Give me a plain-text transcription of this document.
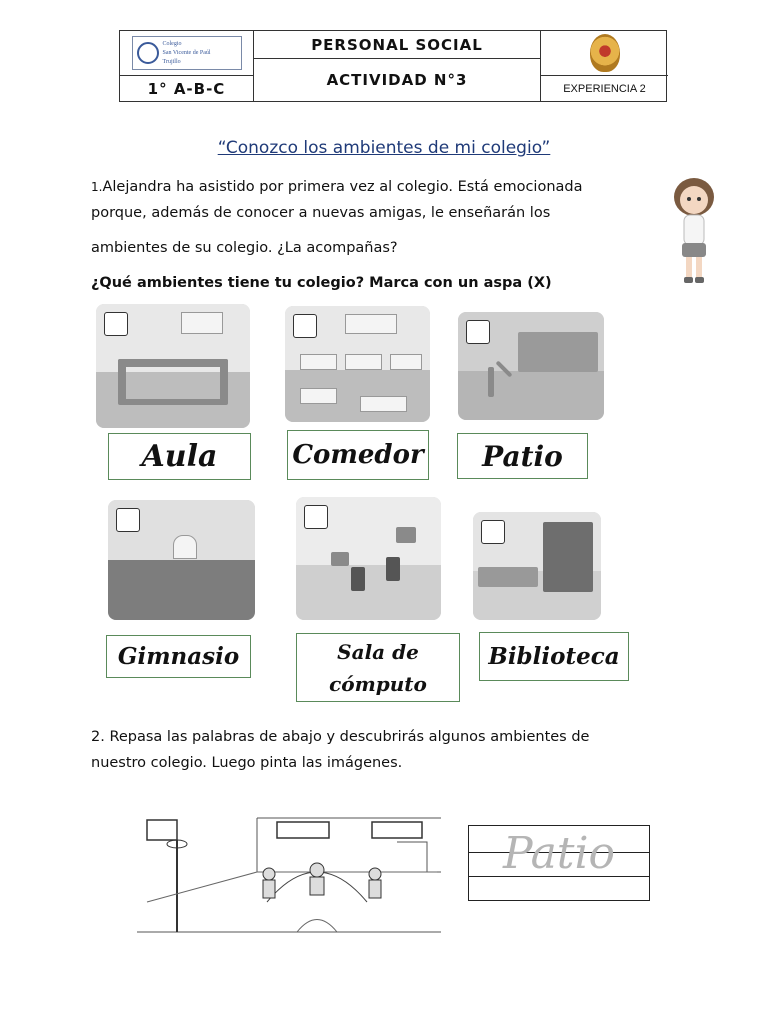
Colegio
San Vicente de Paúl
Trujillo
1° A-B-C
PERSONAL SOCIAL
ACTIVIDAD N°3	EXPERIENCIA 2
“Conozco los ambientes de mi colegio”
1.Alejandra ha asistido por primera vez al colegio. Está emocionada
porque, además de conocer a nuevas amigas, le enseñarán los
ambientes de su colegio. ¿La acompañas?
¿Qué ambientes tiene tu colegio? Marca con un aspa (X)
Aula	Comedor	Patio
Gimnasio	Sala de cómputo
Biblioteca
2. Repasa las palabras de abajo y descubrirás algunos ambientes de
nuestro colegio. Luego pinta las imágenes.
Patio
